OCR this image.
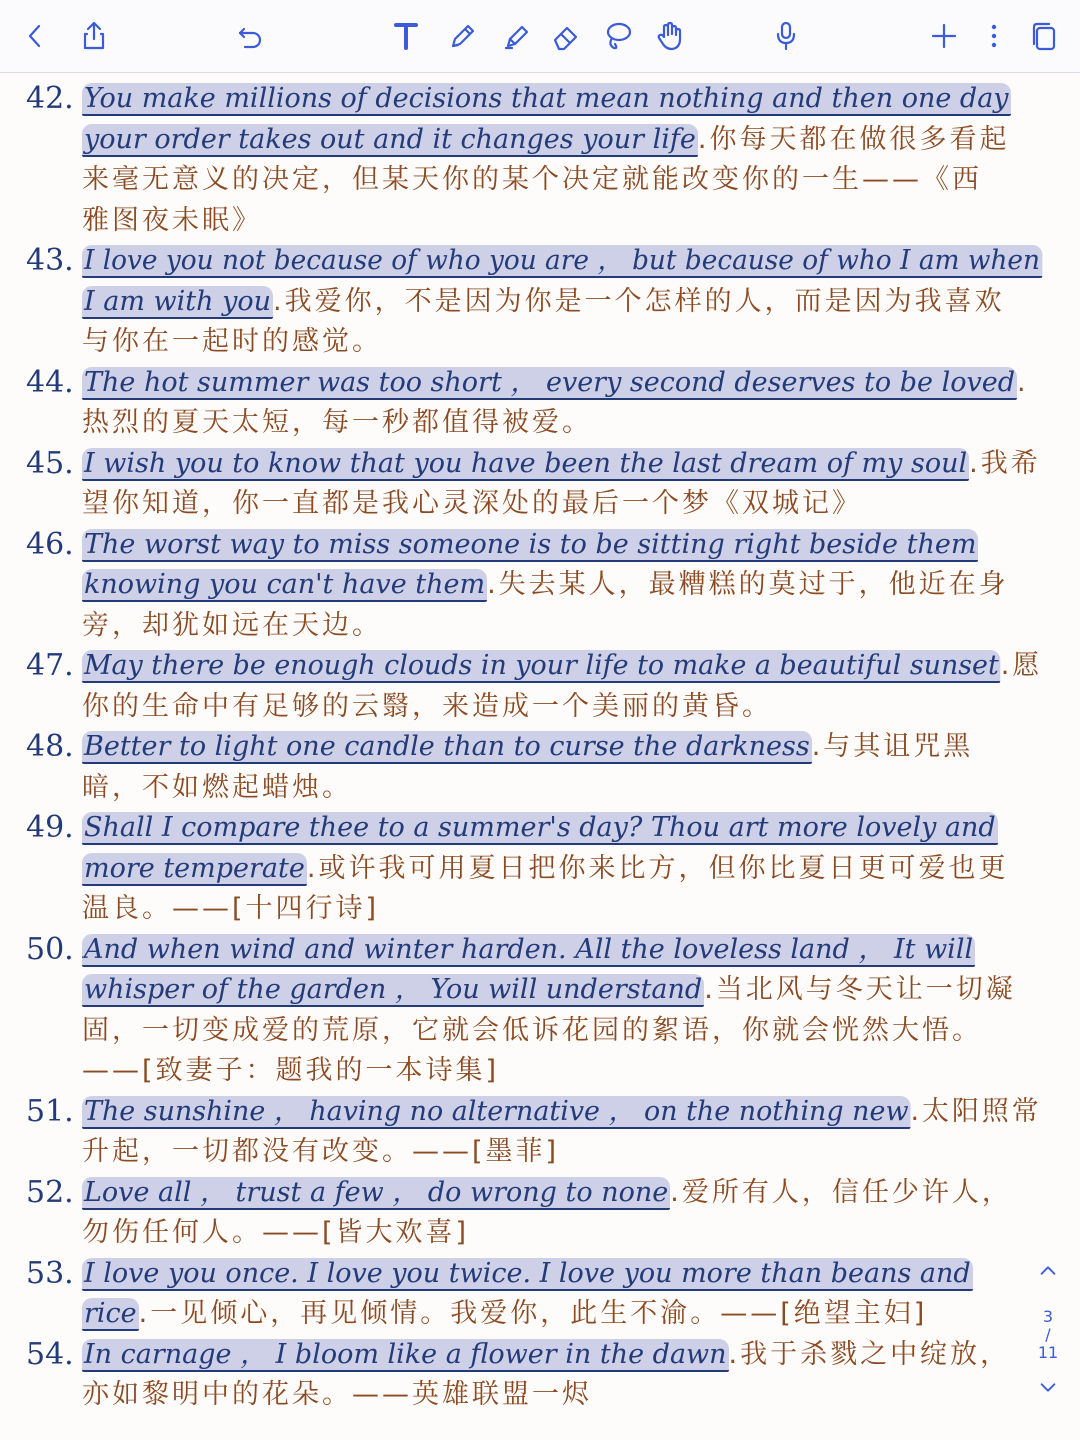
42. You make millions of decisions that mean nothing and then one day
your order takes out and it changes your life.你每天都在做很多看起
来毫无意义的决定，但某天你的某个决定就能改变你的一生——《西
雅图夜未眠》
43. I love you not because of who you are ， but because of who I am when
I am with you.我爱你，不是因为你是一个怎样的人，而是因为我喜欢
与你在一起时的感觉。
44. The hot summer was too short ， every second deserves to be loved.
热烈的夏天太短，每一秒都值得被爱。
45. I wish you to know that you have been the last dream of my soul.我希
望你知道，你一直都是我心灵深处的最后一个梦《双城记》
46. The worst way to miss someone is to be sitting right beside them
knowing you can't have them.失去某人，最糟糕的莫过于，他近在身
旁，却犹如远在天边。
47. May there be enough clouds in your life to make a beautiful sunset.愿
你的生命中有足够的云翳，来造成一个美丽的黄昏。
48. Better to light one candle than to curse the darkness.与其诅咒黑
暗，不如燃起蜡烛。
49. Shall I compare thee to a summer's day? Thou art more lovely and
more temperate.或许我可用夏日把你来比方，但你比夏日更可爱也更
温良。——[十四行诗]
50. And when wind and winter harden. All the loveless land ， It will
whisper of the garden ， You will understand.当北风与冬天让一切凝
固，一切变成爱的荒原，它就会低诉花园的絮语，你就会恍然大悟。
——[致妻子：题我的一本诗集]
51. The sunshine ， having no alternative ， on the nothing new.太阳照常
升起，一切都没有改变。——[墨菲]
52. Love all ， trust a few ， do wrong to none.爱所有人，信任少许人，
勿伤任何人。——[皆大欢喜]
53. I love you once. I love you twice. I love you more than beans and
rice.一见倾心，再见倾情。我爱你，此生不渝。——[绝望主妇]
54. In carnage ， I bloom like a flower in the dawn.我于杀戮之中绽放，
亦如黎明中的花朵。——英雄联盟一烬
3
/
11
